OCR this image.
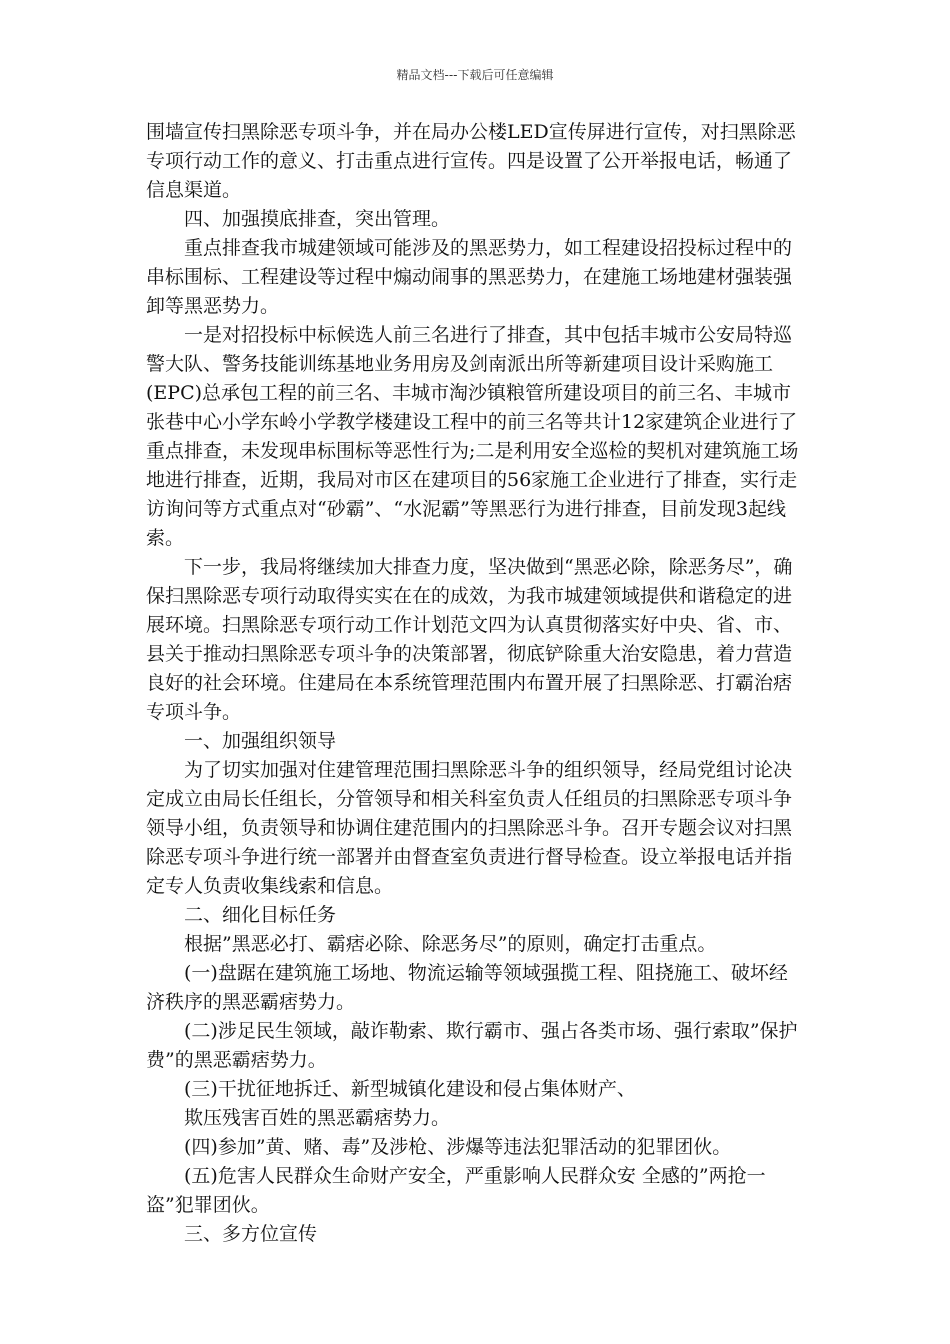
精品文档---下载后可任意编辑

围墙宣传扫黑除恶专项斗争，并在局办公楼LED宣传屏进行宣传，对扫黑除恶专项行动工作的意义、打击重点进行宣传。四是设置了公开举报电话，畅通了信息渠道。

四、加强摸底排查，突出管理。

重点排查我市城建领域可能涉及的黑恶势力，如工程建设招投标过程中的串标围标、工程建设等过程中煽动闹事的黑恶势力，在建施工场地建材强装强卸等黑恶势力。

一是对招投标中标候选人前三名进行了排查，其中包括丰城市公安局特巡警大队、警务技能训练基地业务用房及剑南派出所等新建项目设计采购施工(EPC)总承包工程的前三名、丰城市淘沙镇粮管所建设项目的前三名、丰城市张巷中心小学东岭小学教学楼建设工程中的前三名等共计12家建筑企业进行了重点排查，未发现串标围标等恶性行为;二是利用安全巡检的契机对建筑施工场地进行排查，近期，我局对市区在建项目的56家施工企业进行了排查，实行走访询问等方式重点对“砂霸”、“水泥霸”等黑恶行为进行排查，目前发现3起线索。

下一步，我局将继续加大排查力度，坚决做到“黑恶必除，除恶务尽”，确保扫黑除恶专项行动取得实实在在的成效，为我市城建领域提供和谐稳定的进展环境。扫黑除恶专项行动工作计划范文四为认真贯彻落实好中央、省、市、县关于推动扫黑除恶专项斗争的决策部署，彻底铲除重大治安隐患，着力营造良好的社会环境。住建局在本系统管理范围内布置开展了扫黑除恶、打霸治痞专项斗争。

一、加强组织领导

为了切实加强对住建管理范围扫黑除恶斗争的组织领导，经局党组讨论决定成立由局长任组长，分管领导和相关科室负责人任组员的扫黑除恶专项斗争领导小组，负责领导和协调住建范围内的扫黑除恶斗争。召开专题会议对扫黑除恶专项斗争进行统一部署并由督查室负责进行督导检查。设立举报电话并指定专人负责收集线索和信息。

二、细化目标任务

根据”黑恶必打、霸痞必除、除恶务尽”的原则，确定打击重点。

(一)盘踞在建筑施工场地、物流运输等领域强揽工程、阻挠施工、破坏经济秩序的黑恶霸痞势力。

(二)涉足民生领域，敲诈勒索、欺行霸市、强占各类市场、强行索取”保护费”的黑恶霸痞势力。

(三)干扰征地拆迁、新型城镇化建设和侵占集体财产、

欺压残害百姓的黑恶霸痞势力。

(四)参加”黄、赌、毒”及涉枪、涉爆等违法犯罪活动的犯罪团伙。

(五)危害人民群众生命财产安全，严重影响人民群众安 全感的”两抢一盗”犯罪团伙。

三、多方位宣传
